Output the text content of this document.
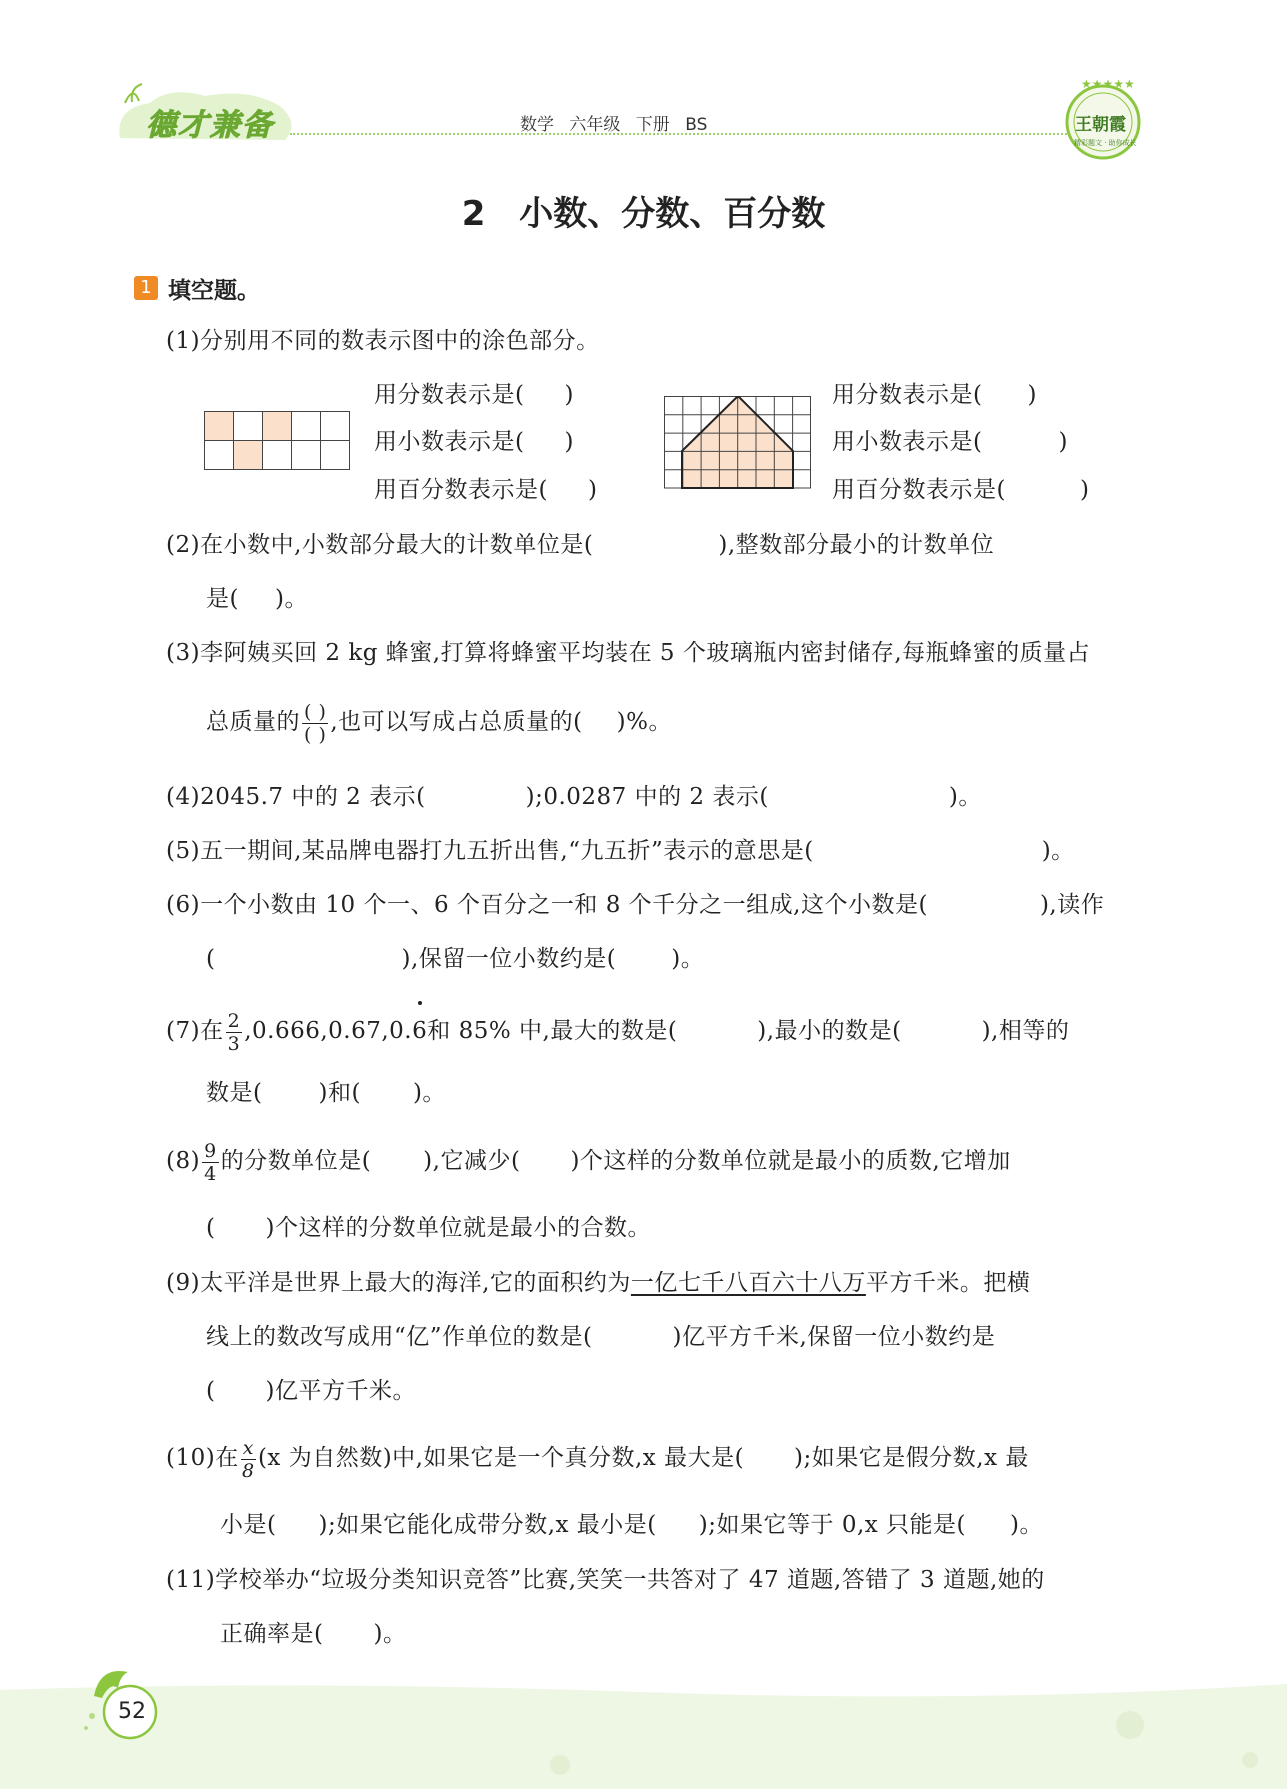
德才兼备	数学 六年级 下册 BS
★★★★★
王朝霞
精彩题文 · 助你成长
2 小数、分数、百分数
1 填空题。
(1)分别用不同的数表示图中的涂色部分。

用分数表示是( )
用小数表示是( )
用百分数表示是( )
用分数表示是( )
用小数表示是(	)
用百分数表示是(	)
(2)在小数中,小数部分最大的计数单位是(	),整数部分最小的计数单位
是( )。
(3)李阿姨买回 2 kg 蜂蜜,打算将蜂蜜平均装在 5 个玻璃瓶内密封储存,每瓶蜂蜜的质量占
总质量的 $\frac{( )}{( )}$ ,也可以写成占总质量的( )%。
(4)2045.7 中的 2 表示(	);0.0287 中的 2 表示(	)。
(5)五一期间,某品牌电器打九五折出售,“九五折”表示的意思是(	)。
(6)一个小数由 10 个一、6 个百分之一和 8 个千分之一组成,这个小数是(	),读作
(	),保留一位小数约是( )。
(7)在 $\frac{2}{3} ,0.666,0.67,0.6$和 85% 中,最大的数是(	),最小的数是(	),相等的
数是( )和( )。
$(8) \frac{9}{4}$ 的分数单位是( ),它减少( )个这样的分数单位就是最小的质数,它增加
( )个这样的分数单位就是最小的合数。
(9)太平洋是世界上最大的海洋,它的面积约为一亿七千八百六十八万平方千米。把横
线上的数改写成用“亿”作单位的数是(	)亿平方千米,保留一位小数约是
( )亿平方千米。
(10)在 $\frac{x}{8} (x$ 为自然数)中,如果它是一个真分数,x 最大是( );如果它是假分数,x 最
小是( );如果它能化成带分数,x 最小是( );如果它等于 0,x 只能是( )。
(11)学校举办“垃圾分类知识竞答”比赛,笑笑一共答对了 47 道题,答错了 3 道题,她的
正确率是( )。
52
